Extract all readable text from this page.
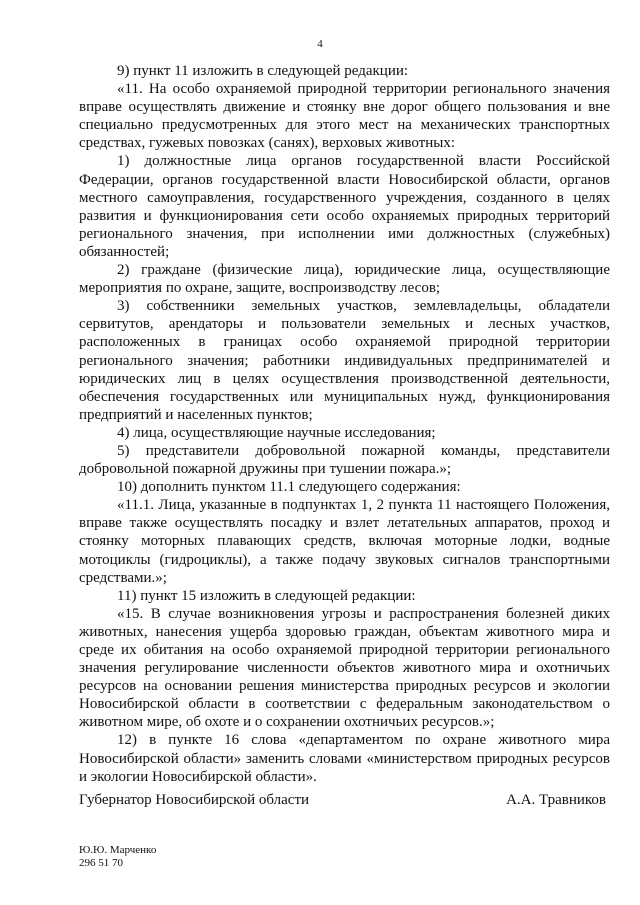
4

9) пункт 11 изложить в следующей редакции:

«11. На особо охраняемой природной территории регионального значения вправе осуществлять движение и стоянку вне дорог общего пользования и вне специально предусмотренных для этого мест на механических транспортных средствах, гужевых повозках (санях), верховых животных:

1) должностные лица органов государственной власти Российской Федерации, органов государственной власти Новосибирской области, органов местного самоуправления, государственного учреждения, созданного в целях развития и функционирования сети особо охраняемых природных территорий регионального значения, при исполнении ими должностных (служебных) обязанностей;

2) граждане (физические лица), юридические лица, осуществляющие мероприятия по охране, защите, воспроизводству лесов;

3) собственники земельных участков, землевладельцы, обладатели сервитутов, арендаторы и пользователи земельных и лесных участков, расположенных в границах особо охраняемой природной территории регионального значения; работники индивидуальных предпринимателей и юридических лиц в целях осуществления производственной деятельности, обеспечения государственных или муниципальных нужд, функционирования предприятий и населенных пунктов;

4) лица, осуществляющие научные исследования;

5) представители добровольной пожарной команды, представители добровольной пожарной дружины при тушении пожара.»;

10) дополнить пунктом 11.1 следующего содержания:

«11.1. Лица, указанные в подпунктах 1, 2 пункта 11 настоящего Положения, вправе также осуществлять посадку и взлет летательных аппаратов, проход и стоянку моторных плавающих средств, включая моторные лодки, водные мотоциклы (гидроциклы), а также подачу звуковых сигналов транспортными средствами.»;

11) пункт 15 изложить в следующей редакции:

«15. В случае возникновения угрозы и распространения болезней диких животных, нанесения ущерба здоровью граждан, объектам животного мира и среде их обитания на особо охраняемой природной территории регионального значения регулирование численности объектов животного мира и охотничьих ресурсов на основании решения министерства природных ресурсов и экологии Новосибирской области в соответствии с федеральным законодательством о животном мире, об охоте и о сохранении охотничьих ресурсов.»;

12) в пункте 16 слова «департаментом по охране животного мира Новосибирской области» заменить словами «министерством природных ресурсов и экологии Новосибирской области».

Губернатор Новосибирской области	А.А. Травников
Ю.Ю. Марченко
296 51 70
